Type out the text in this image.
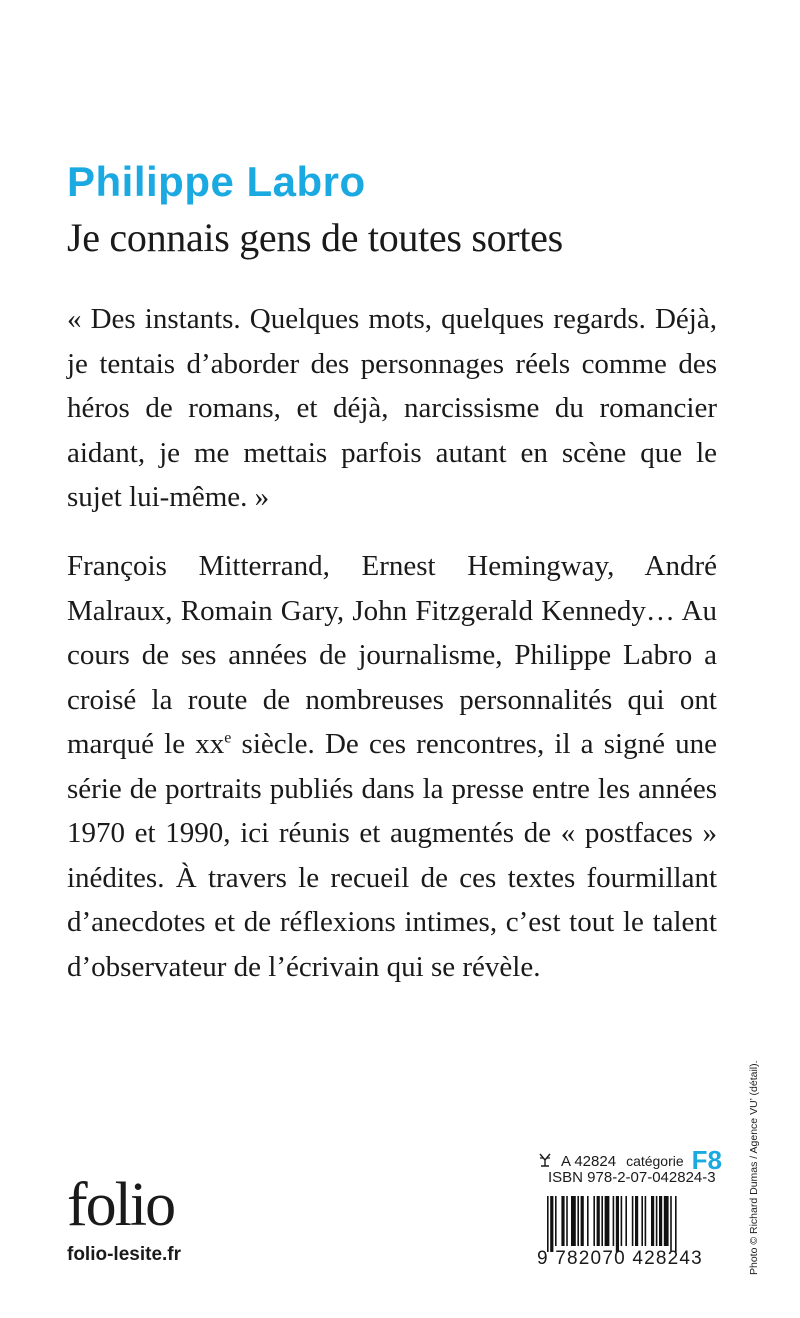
Philippe Labro
Je connais gens de toutes sortes
« Des instants. Quelques mots, quelques regards. Déjà, je tentais d’aborder des personnages réels comme des héros de romans, et déjà, narcissisme du romancier aidant, je me mettais parfois autant en scène que le sujet lui-même. »
François Mitterrand, Ernest Hemingway, André Malraux, Romain Gary, John Fitzgerald Kennedy… Au cours de ses années de journalisme, Philippe Labro a croisé la route de nombreuses personnalités qui ont marqué le $xx^e$ siècle. De ces rencontres, il a signé une série de portraits publiés dans la presse entre les années 1970 et 1990, ici réunis et augmentés de « postfaces » inédites. À travers le recueil de ces textes fourmillant d’anecdotes et de réflexions intimes, c’est tout le talent d’observateur de l’écrivain qui se révèle.
folio
folio-lesite.fr
A 42824 catégorie F8
ISBN 978-2-07-042824-3
9 782070 428243	Photo © Richard Dumas / Agence VU’ (détail).
